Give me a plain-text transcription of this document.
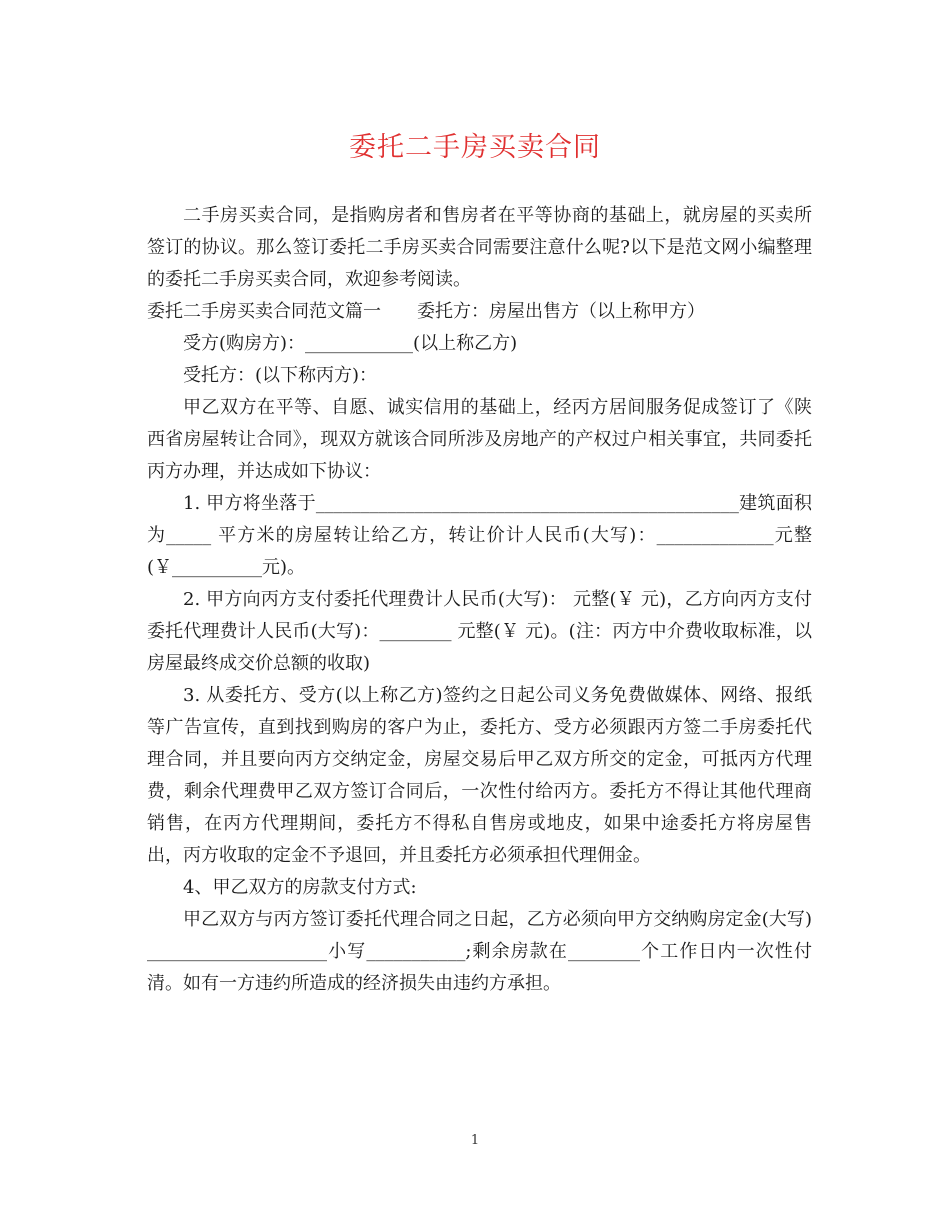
委托二手房买卖合同

二手房买卖合同，是指购房者和售房者在平等协商的基础上，就房屋的买卖所签订的协议。那么签订委托二手房买卖合同需要注意什么呢?以下是范文网小编整理的委托二手房买卖合同，欢迎参考阅读。

委托二手房买卖合同范文篇一　　委托方：房屋出售方（以上称甲方）

受方(购房方)：____________(以上称乙方)

受托方：(以下称丙方)：

甲乙双方在平等、自愿、诚实信用的基础上，经丙方居间服务促成签订了《陕西省房屋转让合同》，现双方就该合同所涉及房地产的产权过户相关事宜，共同委托丙方办理，并达成如下协议：

1. 甲方将坐落于_______________________________________________建筑面积为_____ 平方米的房屋转让给乙方，转让价计人民币(大写)：_____________元整(￥__________元)。

2. 甲方向丙方支付委托代理费计人民币(大写)： 元整(￥ 元)，乙方向丙方支付委托代理费计人民币(大写)：________ 元整(￥ 元)。(注：丙方中介费收取标准，以房屋最终成交价总额的收取)

3. 从委托方、受方(以上称乙方)签约之日起公司义务免费做媒体、网络、报纸等广告宣传，直到找到购房的客户为止，委托方、受方必须跟丙方签二手房委托代理合同，并且要向丙方交纳定金，房屋交易后甲乙双方所交的定金，可抵丙方代理费，剩余代理费甲乙双方签订合同后，一次性付给丙方。委托方不得让其他代理商销售，在丙方代理期间，委托方不得私自售房或地皮，如果中途委托方将房屋售出，丙方收取的定金不予退回，并且委托方必须承担代理佣金。

4、甲乙双方的房款支付方式:

甲乙双方与丙方签订委托代理合同之日起，乙方必须向甲方交纳购房定金(大写)____________________小写___________;剩余房款在________个工作日内一次性付清。如有一方违约所造成的经济损失由违约方承担。

1
